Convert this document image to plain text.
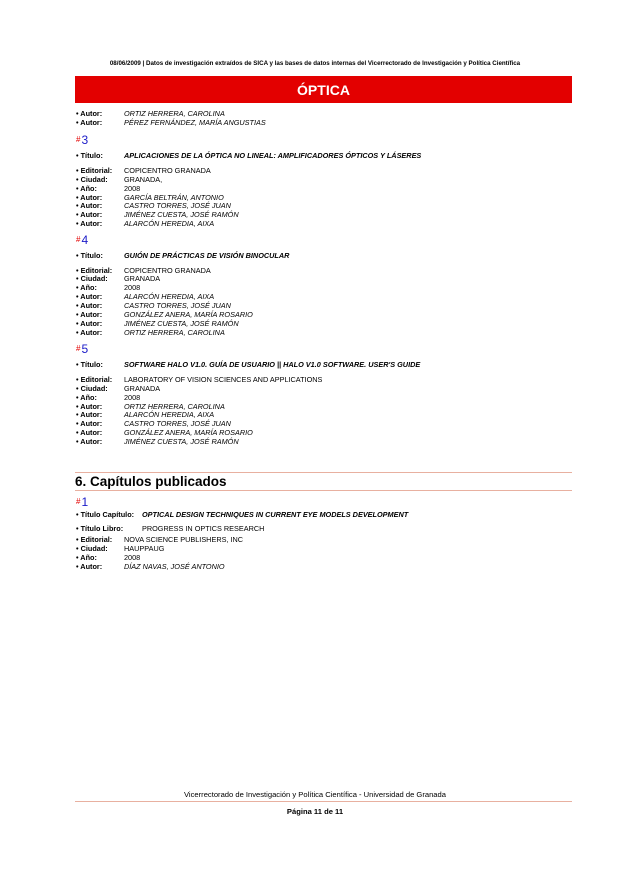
08/06/2009 | Datos de investigación extraídos de SICA y las bases de datos internas del Vicerrectorado de Investigación y Política Científica
ÓPTICA
• Autor:	ORTIZ HERRERA, CAROLINA
• Autor:	PÉREZ FERNÁNDEZ, MARÍA ANGUSTIAS
#3
• Título:	APLICACIONES DE LA ÓPTICA NO LINEAL: AMPLIFICADORES ÓPTICOS Y LÁSERES
• Editorial: COPICENTRO GRANADA
• Ciudad: GRANADA,
• Año:	2008
• Autor:	GARCÍA BELTRÁN, ANTONIO
• Autor:	CASTRO TORRES, JOSÉ JUAN
• Autor:	JIMÉNEZ CUESTA, JOSÉ RAMÓN
• Autor:	ALARCÓN HEREDIA, AIXA
#4
• Título:	GUIÓN DE PRÁCTICAS DE VISIÓN BINOCULAR
• Editorial: COPICENTRO GRANADA
• Ciudad: GRANADA
• Año:	2008
• Autor:	ALARCÓN HEREDIA, AIXA
• Autor:	CASTRO TORRES, JOSÉ JUAN
• Autor:	GONZÁLEZ ANERA, MARÍA ROSARIO
• Autor:	JIMÉNEZ CUESTA, JOSÉ RAMÓN
• Autor:	ORTIZ HERRERA, CAROLINA
#5
• Título:	SOFTWARE HALO V1.0. GUÍA DE USUARIO || HALO V1.0 SOFTWARE. USER'S GUIDE
• Editorial: LABORATORY OF VISION SCIENCES AND APPLICATIONS
• Ciudad: GRANADA
• Año:	2008
• Autor:	ORTIZ HERRERA, CAROLINA
• Autor:	ALARCÓN HEREDIA, AIXA
• Autor:	CASTRO TORRES, JOSÉ JUAN
• Autor:	GONZÁLEZ ANERA, MARÍA ROSARIO
• Autor:	JIMÉNEZ CUESTA, JOSÉ RAMÓN
6. Capítulos publicados
#1
• Título Capítulo: OPTICAL DESIGN TECHNIQUES IN CURRENT EYE MODELS DEVELOPMENT
• Título Libro:	PROGRESS IN OPTICS RESEARCH
• Editorial: NOVA SCIENCE PUBLISHERS, INC
• Ciudad: HAUPPAUG
• Año:	2008
• Autor:	DÍAZ NAVAS, JOSÉ ANTONIO
Vicerrectorado de Investigación y Política Científica - Universidad de Granada
Página 11 de 11
